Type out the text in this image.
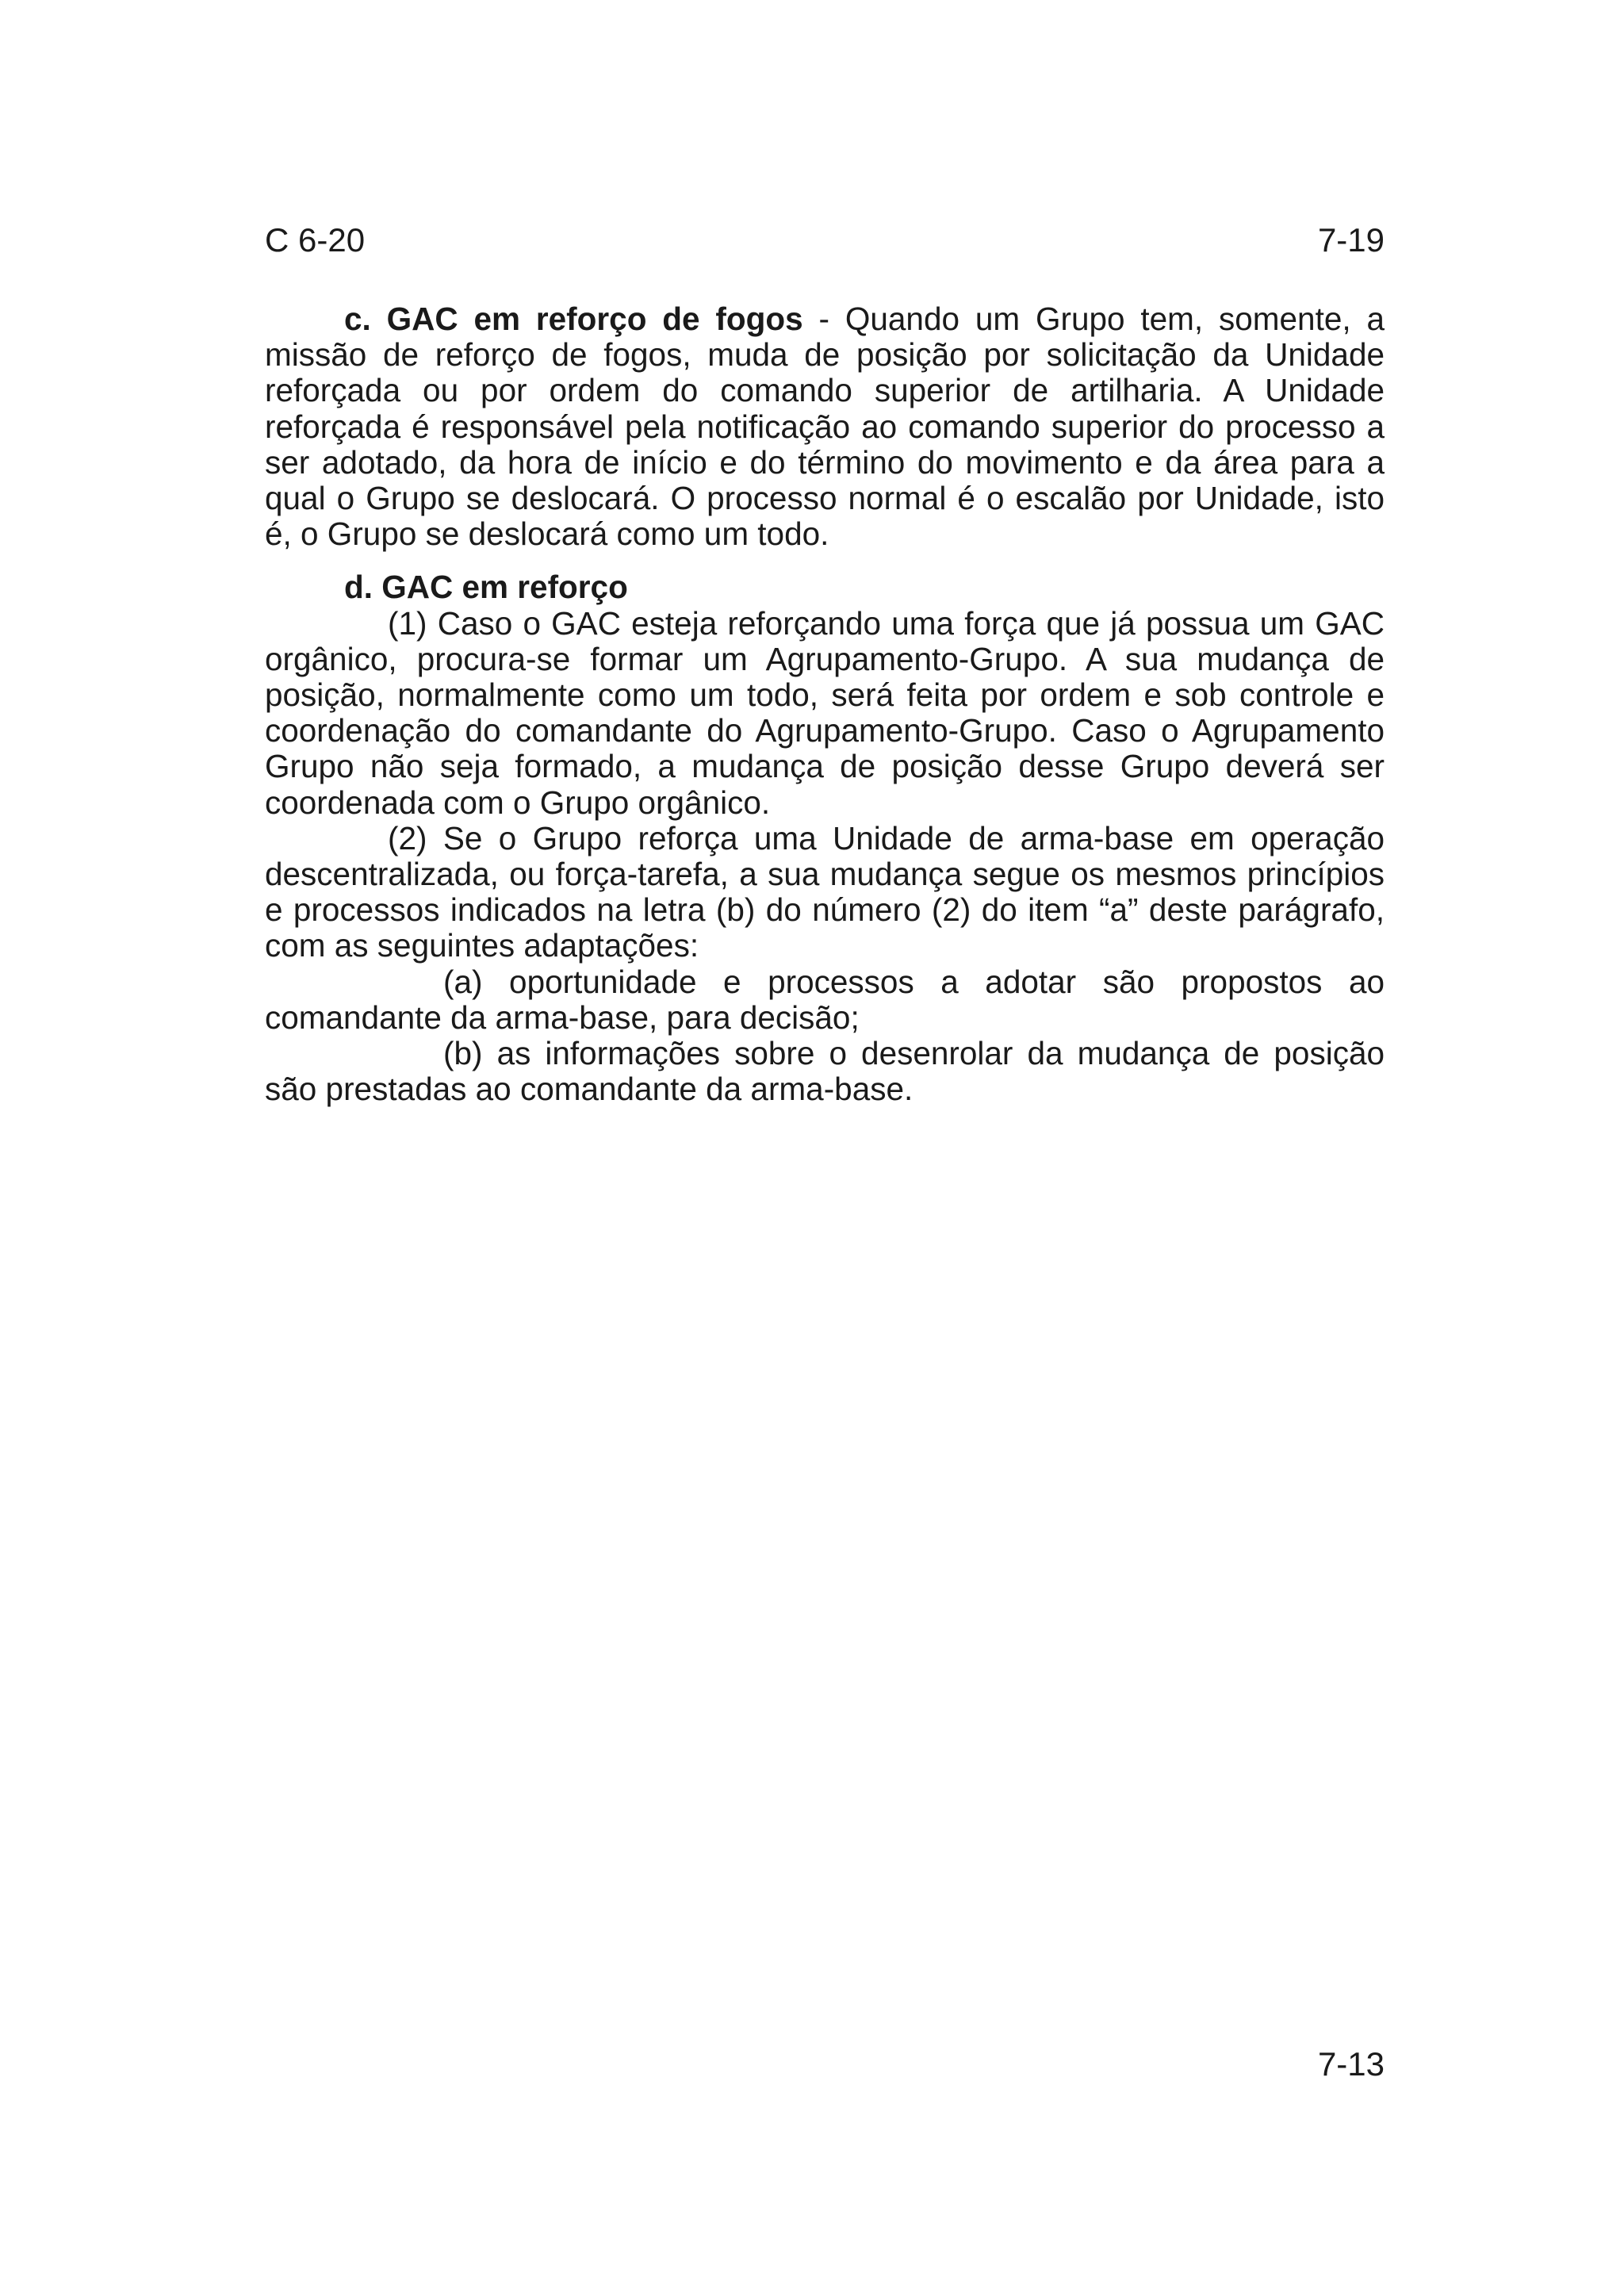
C 6-20	7-19

c. GAC em reforço de fogos - Quando um Grupo tem, somente, a missão de reforço de fogos, muda de posição por solicitação da Unidade reforçada ou por ordem do comando superior de artilharia. A Unidade reforçada é responsável pela notificação ao comando superior do processo a ser adotado, da hora de início e do término do movimento e da área para a qual o Grupo se deslocará. O processo normal é o escalão por Unidade, isto é, o Grupo se deslocará como um todo.

d. GAC em reforço

(1) Caso o GAC esteja reforçando uma força que já possua um GAC orgânico, procura-se formar um Agrupamento-Grupo. A sua mudança de posição, normalmente como um todo, será feita por ordem e sob controle e coordenação do comandante do Agrupamento-Grupo. Caso o Agrupamento Grupo não seja formado, a mudança de posição desse Grupo deverá ser coordenada com o Grupo orgânico.

(2) Se o Grupo reforça uma Unidade de arma-base em operação descentralizada, ou força-tarefa, a sua mudança segue os mesmos princípios e processos indicados na letra (b) do número (2) do item “a” deste parágrafo, com as seguintes adaptações:

(a) oportunidade e processos a adotar são propostos ao comandante da arma-base, para decisão;

(b) as informações sobre o desenrolar da mudança de posição são prestadas ao comandante da arma-base.

7-13
